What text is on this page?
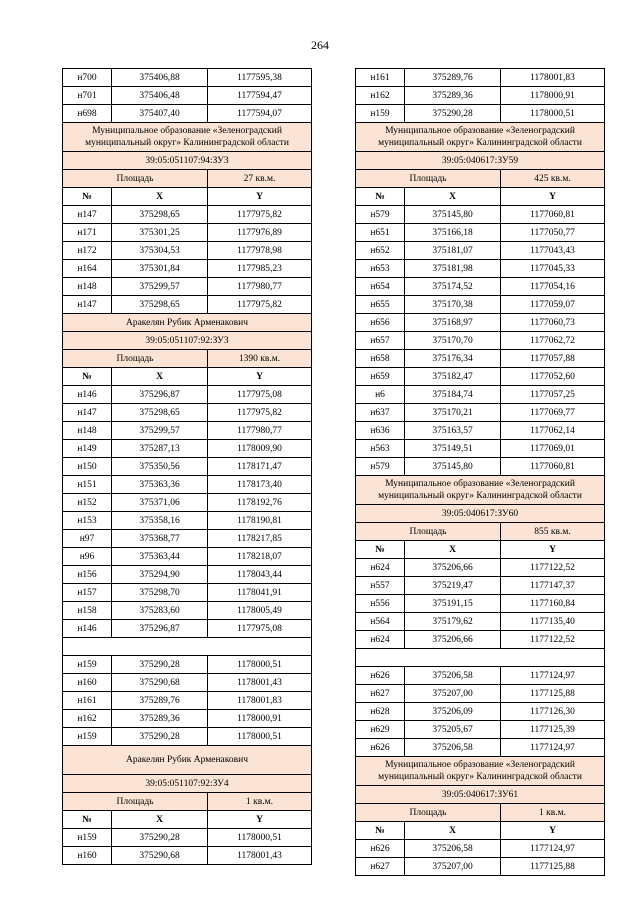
264
н700	375406,88	1177595,38
н701	375406,48	1177594,47
н698	375407,40	1177594,07
Муниципальное образование «Зеленоградский муниципальный округ» Калининградской области		
39:05:051107:94:ЗУ3		
Площадь		27 кв.м.
№	X	Y
н147	375298,65	1177975,82
н171	375301,25	1177976,89
н172	375304,53	1177978,98
н164	375301,84	1177985,23
н148	375299,57	1177980,77
н147	375298,65	1177975,82
Аракелян Рубик Арменакович		
39:05:051107:92:ЗУ3		
Площадь		1390 кв.м.
№	X	Y
н146	375296,87	1177975,08
н147	375298,65	1177975,82
н148	375299,57	1177980,77
н149	375287,13	1178009,90
н150	375350,56	1178171,47
н151	375363,36	1178173,40
н152	375371,06	1178192,76
н153	375358,16	1178190,81
н97	375368,77	1178217,85
н96	375363,44	1178218,07
н156	375294,90	1178043,44
н157	375298,70	1178041,91
н158	375283,60	1178005,49
н146	375296,87	1177975,08

н159	375290,28	1178000,51
н160	375290,68	1178001,43
н161	375289,76	1178001,83
н162	375289,36	1178000,91
н159	375290,28	1178000,51
Аракелян Рубик Арменакович		
39:05:051107:92:ЗУ4		
Площадь		1 кв.м.
№	X	Y
н159	375290,28	1178000,51
н160	375290,68	1178001,43
н161	375289,76	1178001,83
н162	375289,36	1178000,91
н159	375290,28	1178000,51
Муниципальное образование «Зеленоградский муниципальный округ» Калининградской области		
39:05:040617:ЗУ59		
Площадь		425 кв.м.
№	X	Y
н579	375145,80	1177060,81
н651	375166,18	1177050,77
н652	375181,07	1177043,43
н653	375181,98	1177045,33
н654	375174,52	1177054,16
н655	375170,38	1177059,07
н656	375168,97	1177060,73
н657	375170,70	1177062,72
н658	375176,34	1177057,88
н659	375182,47	1177052,60
н6	375184,74	1177057,25
н637	375170,21	1177069,77
н636	375163,57	1177062,14
н563	375149,51	1177069,01
н579	375145,80	1177060,81
Муниципальное образование «Зеленоградский муниципальный округ» Калининградской области		
39:05:040617:ЗУ60		
Площадь		855 кв.м.
№	X	Y
н624	375206,66	1177122,52
н557	375219,47	1177147,37
н556	375191,15	1177160,84
н564	375179,62	1177135,40
н624	375206,66	1177122,52

н626	375206,58	1177124,97
н627	375207,00	1177125,88
н628	375206,09	1177126,30
н629	375205,67	1177125,39
н626	375206,58	1177124,97
Муниципальное образование «Зеленоградский муниципальный округ» Калининградской области		
39:05:040617:ЗУ61		
Площадь		1 кв.м.
№	X	Y
н626	375206,58	1177124,97
н627	375207,00	1177125,88
